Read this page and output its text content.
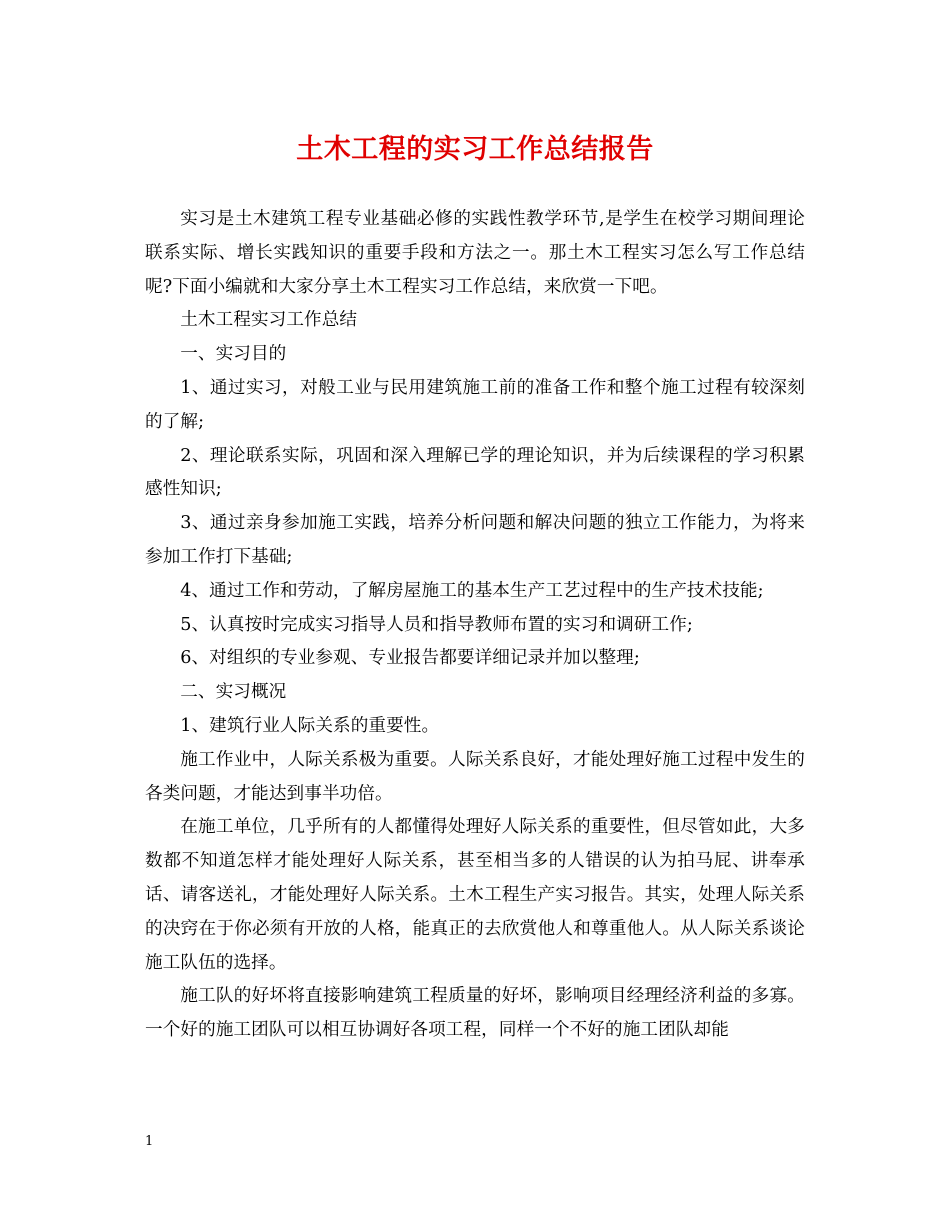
土木工程的实习工作总结报告

实习是土木建筑工程专业基础必修的实践性教学环节,是学生在校学习期间理论联系实际、增长实践知识的重要手段和方法之一。那土木工程实习怎么写工作总结呢?下面小编就和大家分享土木工程实习工作总结，来欣赏一下吧。

土木工程实习工作总结

一、实习目的

1、通过实习，对般工业与民用建筑施工前的准备工作和整个施工过程有较深刻的了解;

2、理论联系实际，巩固和深入理解已学的理论知识，并为后续课程的学习积累感性知识;

3、通过亲身参加施工实践，培养分析问题和解决问题的独立工作能力，为将来参加工作打下基础;

4、通过工作和劳动，了解房屋施工的基本生产工艺过程中的生产技术技能;

5、认真按时完成实习指导人员和指导教师布置的实习和调研工作;

6、对组织的专业参观、专业报告都要详细记录并加以整理;

二、实习概况

1、建筑行业人际关系的重要性。

施工作业中，人际关系极为重要。人际关系良好，才能处理好施工过程中发生的各类问题，才能达到事半功倍。

在施工单位，几乎所有的人都懂得处理好人际关系的重要性，但尽管如此，大多数都不知道怎样才能处理好人际关系，甚至相当多的人错误的认为拍马屁、讲奉承话、请客送礼，才能处理好人际关系。土木工程生产实习报告。其实，处理人际关系的决窍在于你必须有开放的人格，能真正的去欣赏他人和尊重他人。从人际关系谈论施工队伍的选择。

施工队的好坏将直接影响建筑工程质量的好坏，影响项目经理经济利益的多寡。一个好的施工团队可以相互协调好各项工程，同样一个不好的施工团队却能

1
